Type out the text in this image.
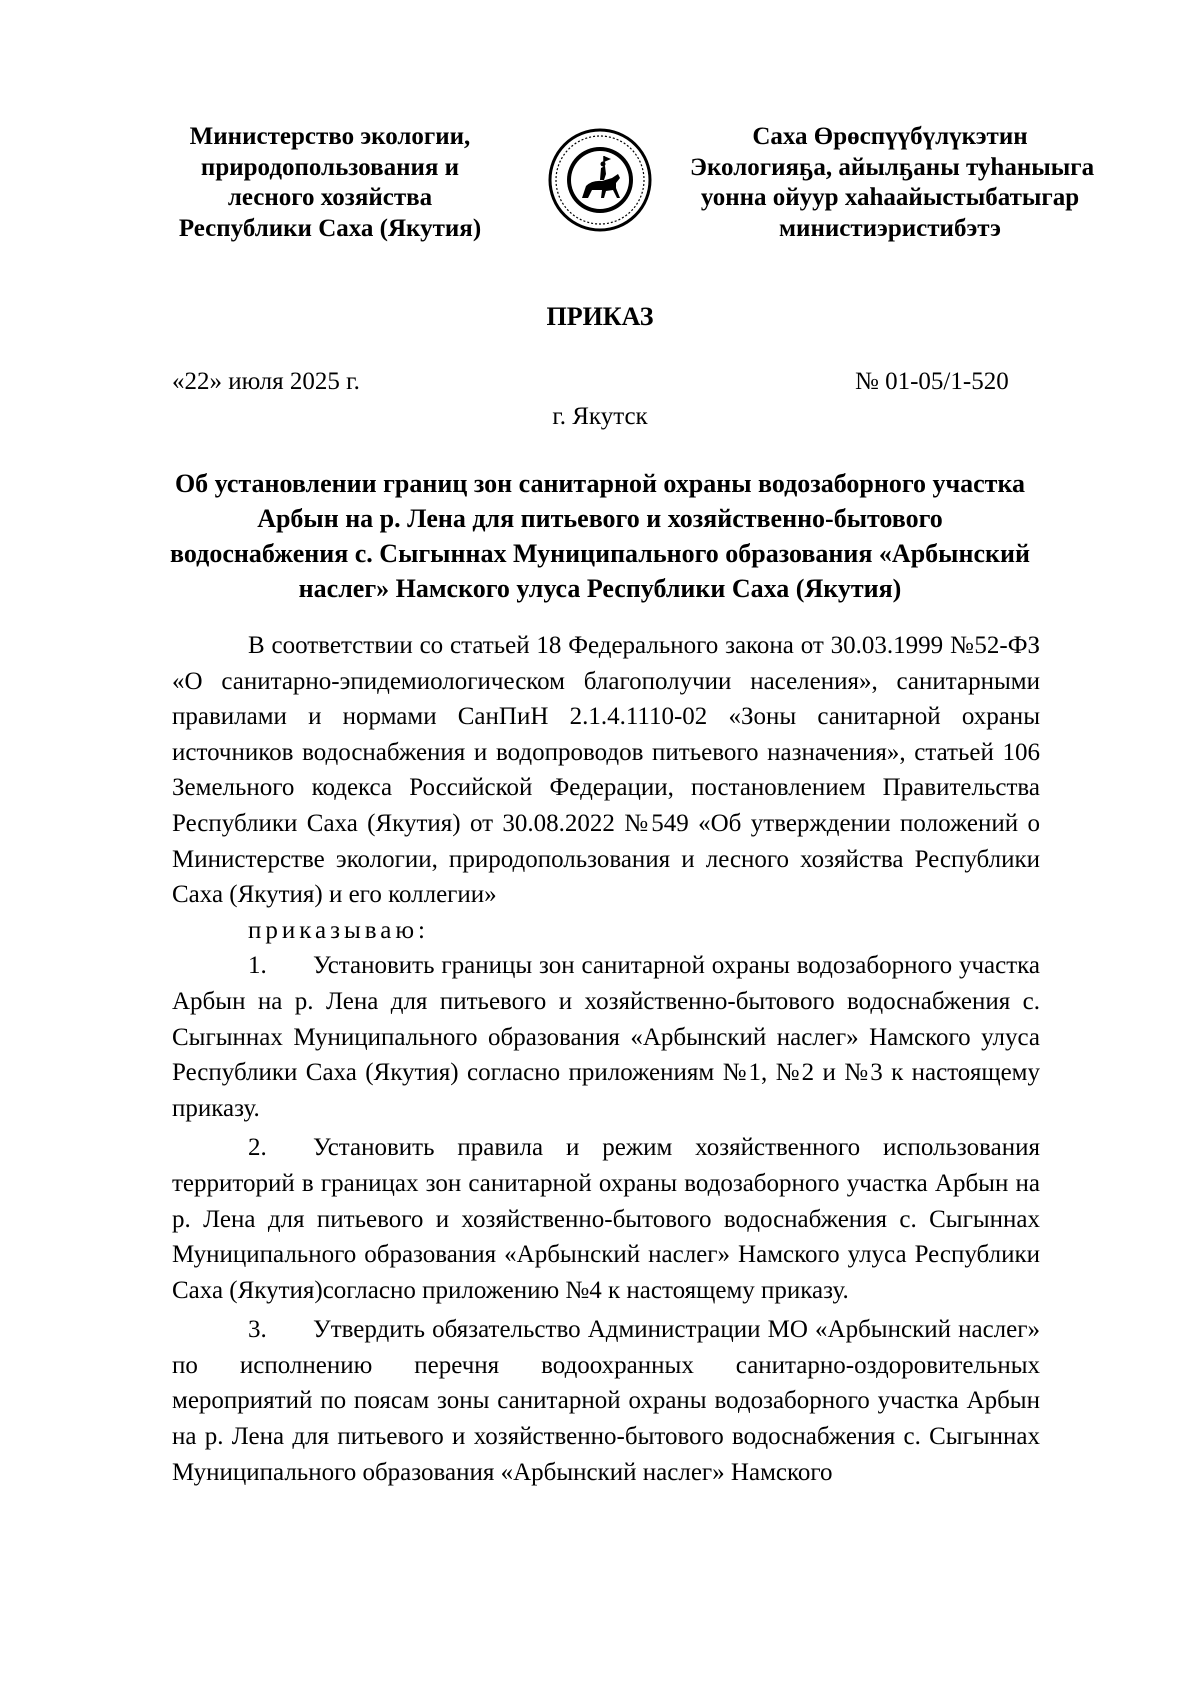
Министерство экологии,
природопользования и
лесного хозяйства
Республики Саха (Якутия)
Саха Өрөспүүбүлүкэтин
Экологияҕа, айылҕаны туһаныыга
уонна ойуур хаһаайыстыбатыгар
министиэристибэтэ
ПРИКАЗ
«22» июля 2025 г.	№ 01-05/1-520
г. Якутск
Об установлении границ зон санитарной охраны водозаборного участка
Арбын на р. Лена для питьевого и хозяйственно-бытового
водоснабжения с. Сыгыннах Муниципального образования «Арбынский
наслег» Намского улуса Республики Саха (Якутия)

В соответствии со статьей 18 Федерального закона от 30.03.1999 №52-ФЗ «О санитарно-эпидемиологическом благополучии населения», санитарными правилами и нормами СанПиН 2.1.4.1110-02 «Зоны санитарной охраны источников водоснабжения и водопроводов питьевого назначения», статьей 106 Земельного кодекса Российской Федерации, постановлением Правительства Республики Саха (Якутия) от 30.08.2022 №549 «Об утверждении положений о Министерстве экологии, природопользования и лесного хозяйства Республики Саха (Якутия) и его коллегии»

приказываю:

1. Установить границы зон санитарной охраны водозаборного участка Арбын на р. Лена для питьевого и хозяйственно-бытового водоснабжения с. Сыгыннах Муниципального образования «Арбынский наслег» Намского улуса Республики Саха (Якутия) согласно приложениям №1, №2 и №3 к настоящему приказу.

2. Установить правила и режим хозяйственного использования территорий в границах зон санитарной охраны водозаборного участка Арбын на р. Лена для питьевого и хозяйственно-бытового водоснабжения с. Сыгыннах Муниципального образования «Арбынский наслег» Намского улуса Республики Саха (Якутия)согласно приложению №4 к настоящему приказу.

3. Утвердить обязательство Администрации МО «Арбынский наслег» по исполнению перечня водоохранных санитарно-оздоровительных мероприятий по поясам зоны санитарной охраны водозаборного участка Арбын на р. Лена для питьевого и хозяйственно-бытового водоснабжения с. Сыгыннах Муниципального образования «Арбынский наслег» Намского
